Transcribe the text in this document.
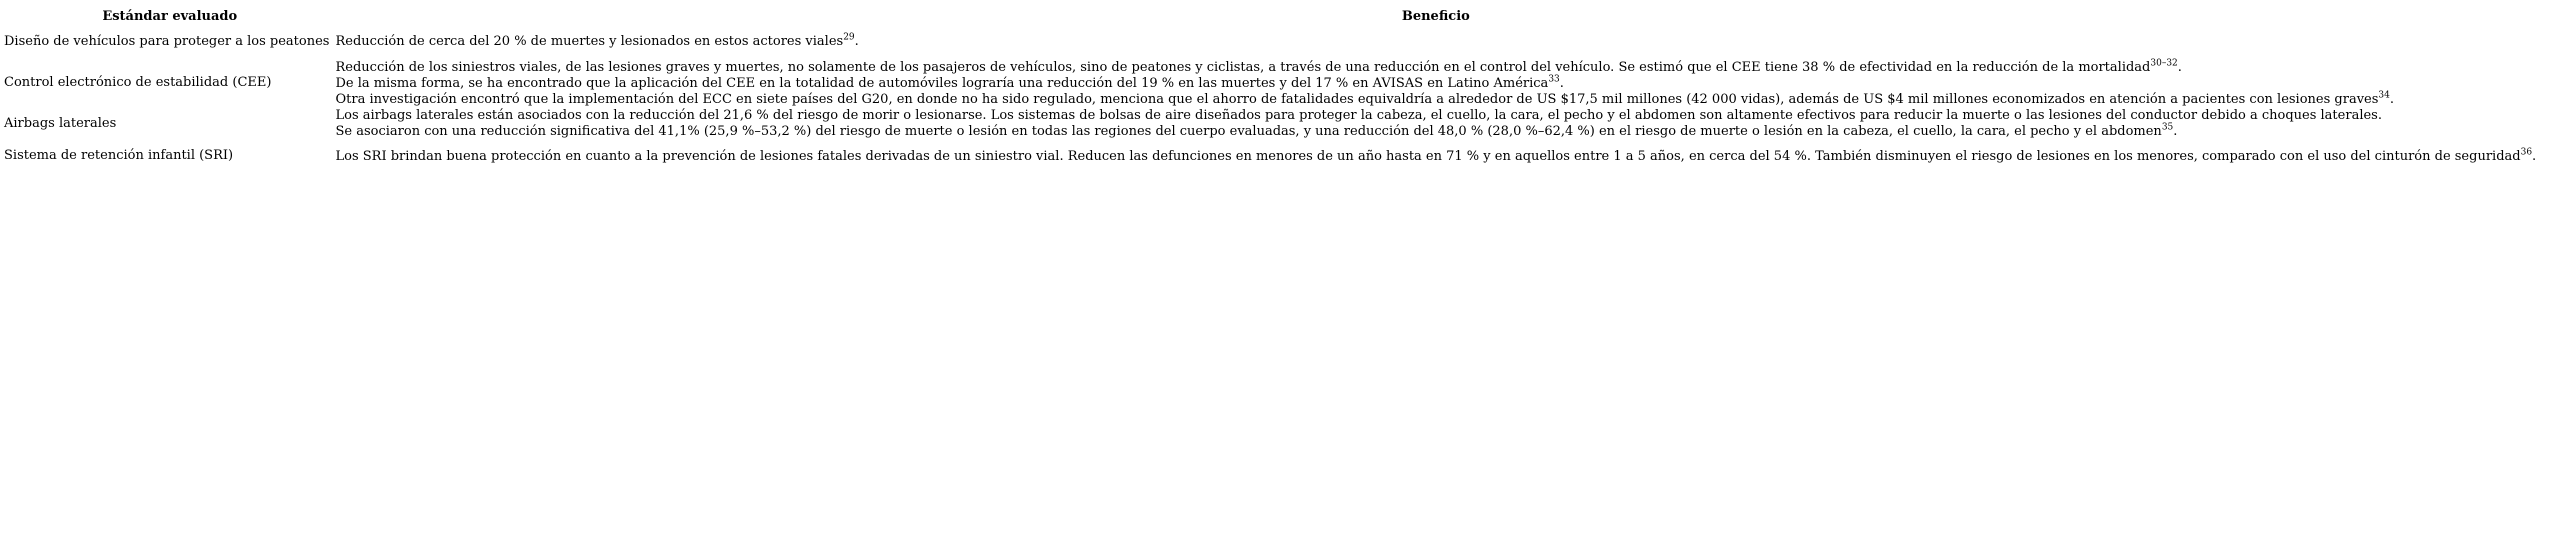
Estándar evaluado	Beneficio
Diseño de vehículos para proteger a los peatones	Reducción de cerca del 20 % de muertes y lesionados en estos actores viales$^{29}$.

Control electrónico de estabilidad (CEE)	Reducción de los siniestros viales, de las lesiones graves y muertes, no solamente de los pasajeros de vehículos, sino de peatones y ciclistas, a través de una reducción en el control del vehículo. Se estimó que el CEE tiene 38 % de efectividad en la reducción de la mortalidad$^{30-32}$.
De la misma forma, se ha encontrado que la aplicación del CEE en la totalidad de automóviles lograría una reducción del 19 % en las muertes y del 17 % en AVISAS en Latino América$^{33}$.
Otra investigación encontró que la implementación del ECC en siete países del G20, en donde no ha sido regulado, menciona que el ahorro de fatalidades equivaldría a alrededor de US $17,5 mil millones (42 000 vidas), además de US $4 mil millones economizados en atención a pacientes con lesiones graves$^{34}$.

Airbags laterales	Los airbags laterales están asociados con la reducción del 21,6 % del riesgo de morir o lesionarse. Los sistemas de bolsas de aire diseñados para proteger la cabeza, el cuello, la cara, el pecho y el abdomen son altamente efectivos para reducir la muerte o las lesiones del conductor debido a choques laterales.
Se asociaron con una reducción significativa del 41,1% (25,9 %–53,2 %) del riesgo de muerte o lesión en todas las regiones del cuerpo evaluadas, y una reducción del 48,0 % (28,0 %–62,4 %) en el riesgo de muerte o lesión en la cabeza, el cuello, la cara, el pecho y el abdomen$^{35}$.

Sistema de retención infantil (SRI)	Los SRI brindan buena protección en cuanto a la prevención de lesiones fatales derivadas de un siniestro vial. Reducen las defunciones en menores de un año hasta en 71 % y en aquellos entre 1 a 5 años, en cerca del 54 %. También disminuyen el riesgo de lesiones en los menores, comparado con el uso del cinturón de seguridad$^{36}$.
